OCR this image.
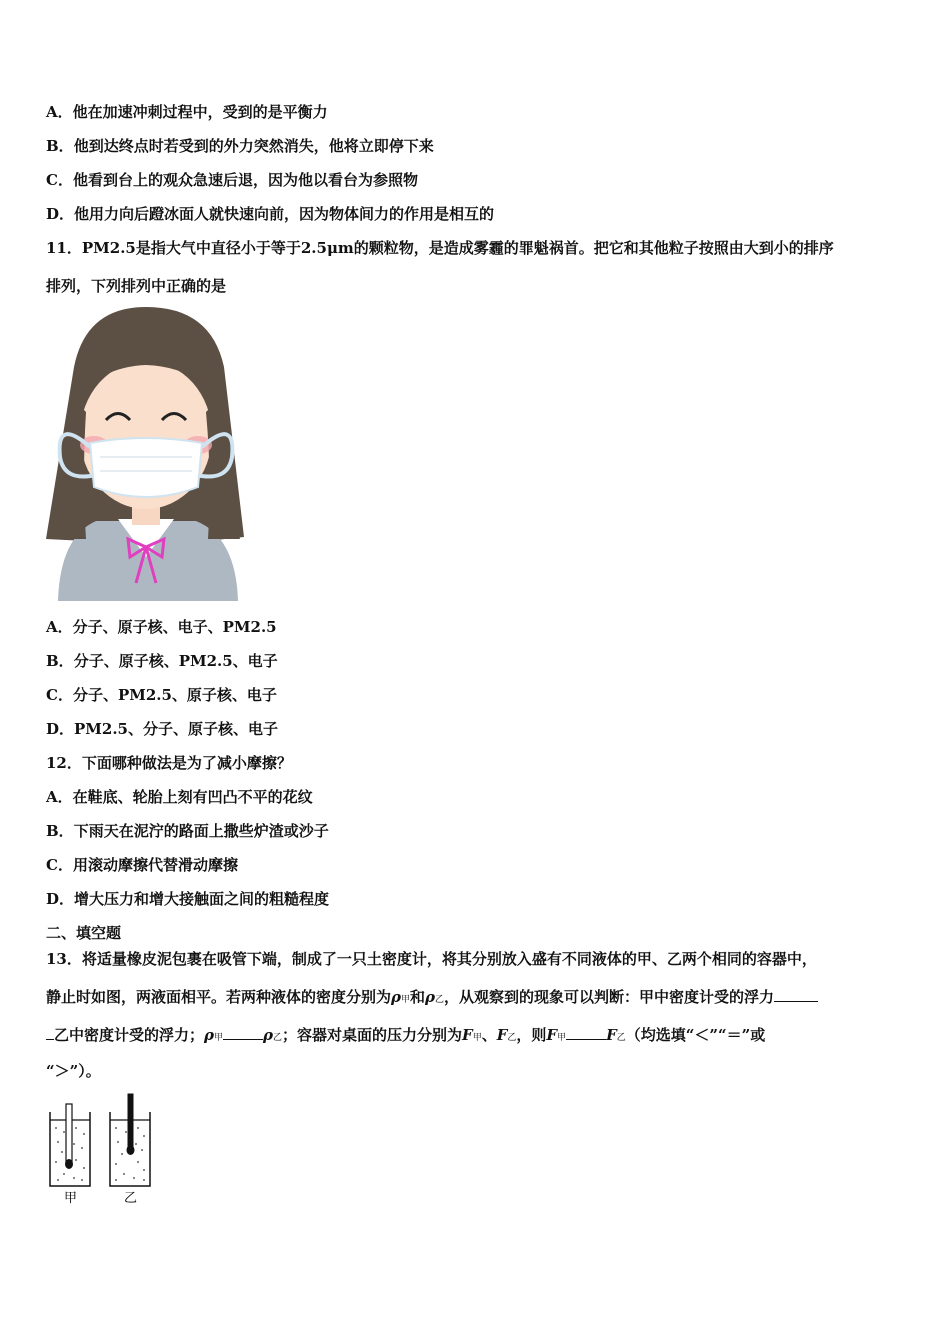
A．他在加速冲刺过程中，受到的是平衡力
B．他到达终点时若受到的外力突然消失，他将立即停下来
C．他看到台上的观众急速后退，因为他以看台为参照物
D．他用力向后蹬冰面人就快速向前，因为物体间力的作用是相互的
11．PM2.5是指大气中直径小于等于2.5μm的颗粒物，是造成雾霾的罪魁祸首。把它和其他粒子按照由大到小的排序
排列，下列排列中正确的是
A．分子、原子核、电子、PM2.5
B．分子、原子核、PM2.5、电子
C．分子、PM2.5、原子核、电子
D．PM2.5、分子、原子核、电子
12．下面哪种做法是为了减小摩擦？
A．在鞋底、轮胎上刻有凹凸不平的花纹
B．下雨天在泥泞的路面上撒些炉渣或沙子
C．用滚动摩擦代替滑动摩擦
D．增大压力和增大接触面之间的粗糙程度
二、填空题
13．将适量橡皮泥包裹在吸管下端，制成了一只土密度计，将其分别放入盛有不同液体的甲、乙两个相同的容器中，
静止时如图，两液面相平。若两种液体的密度分别为ρ甲和ρ乙，从观察到的现象可以判断：甲中密度计受的浮力
乙中密度计受的浮力；ρ甲	ρ乙；容器对桌面的压力分别为F甲、F乙，则F甲	F乙（均选填“＜”“＝”或
“＞”）。
甲	乙
